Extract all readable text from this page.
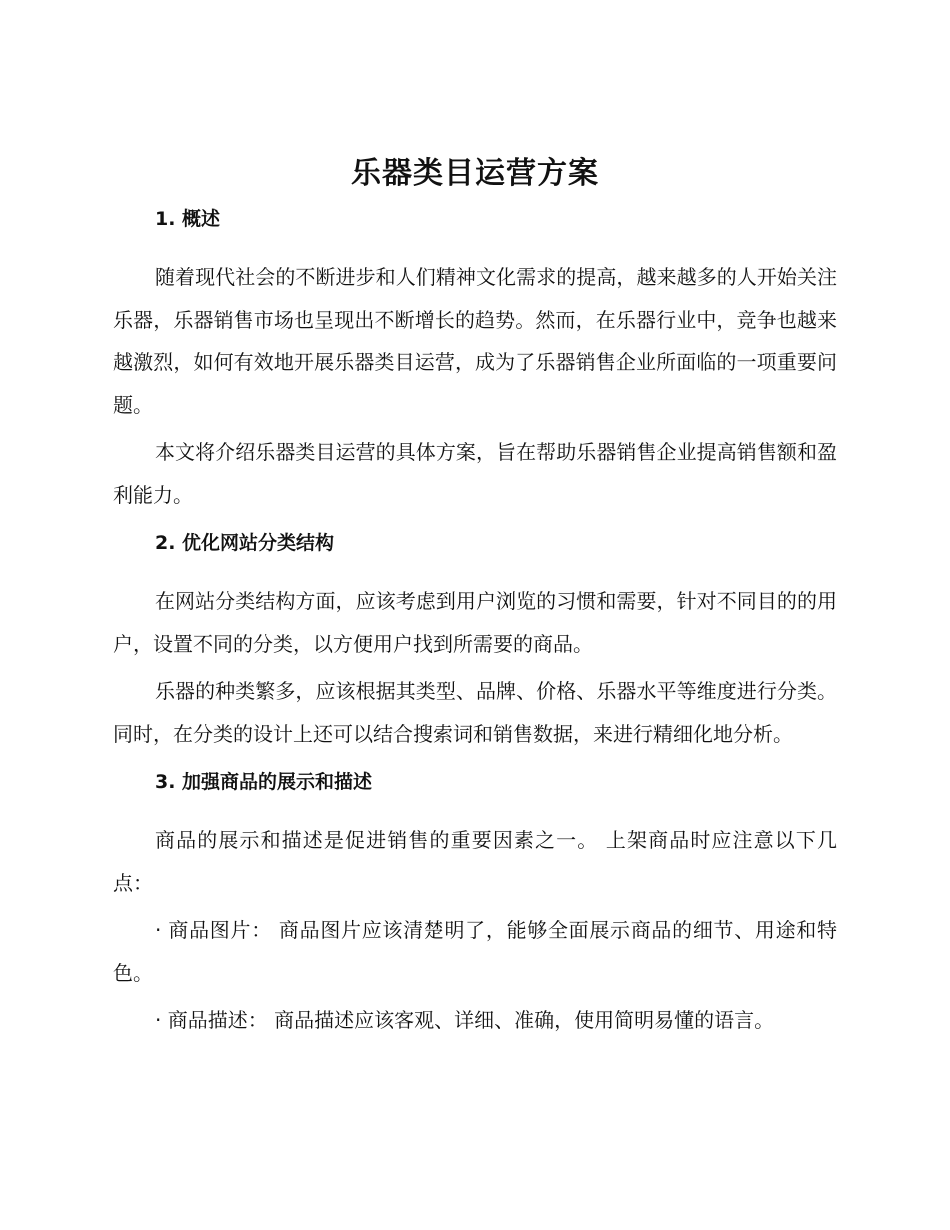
乐器类目运营方案
1. 概述

随着现代社会的不断进步和人们精神文化需求的提高，越来越多的人开始关注乐器，乐器销售市场也呈现出不断增长的趋势。然而，在乐器行业中，竞争也越来越激烈，如何有效地开展乐器类目运营，成为了乐器销售企业所面临的一项重要问题。

本文将介绍乐器类目运营的具体方案，旨在帮助乐器销售企业提高销售额和盈利能力。

2. 优化网站分类结构

在网站分类结构方面，应该考虑到用户浏览的习惯和需要，针对不同目的的用户，设置不同的分类，以方便用户找到所需要的商品。

乐器的种类繁多，应该根据其类型、品牌、价格、乐器水平等维度进行分类。同时，在分类的设计上还可以结合搜索词和销售数据，来进行精细化地分析。

3. 加强商品的展示和描述

商品的展示和描述是促进销售的重要因素之一。 上架商品时应注意以下几点：

· 商品图片： 商品图片应该清楚明了，能够全面展示商品的细节、用途和特色。

· 商品描述： 商品描述应该客观、详细、准确，使用简明易懂的语言。
